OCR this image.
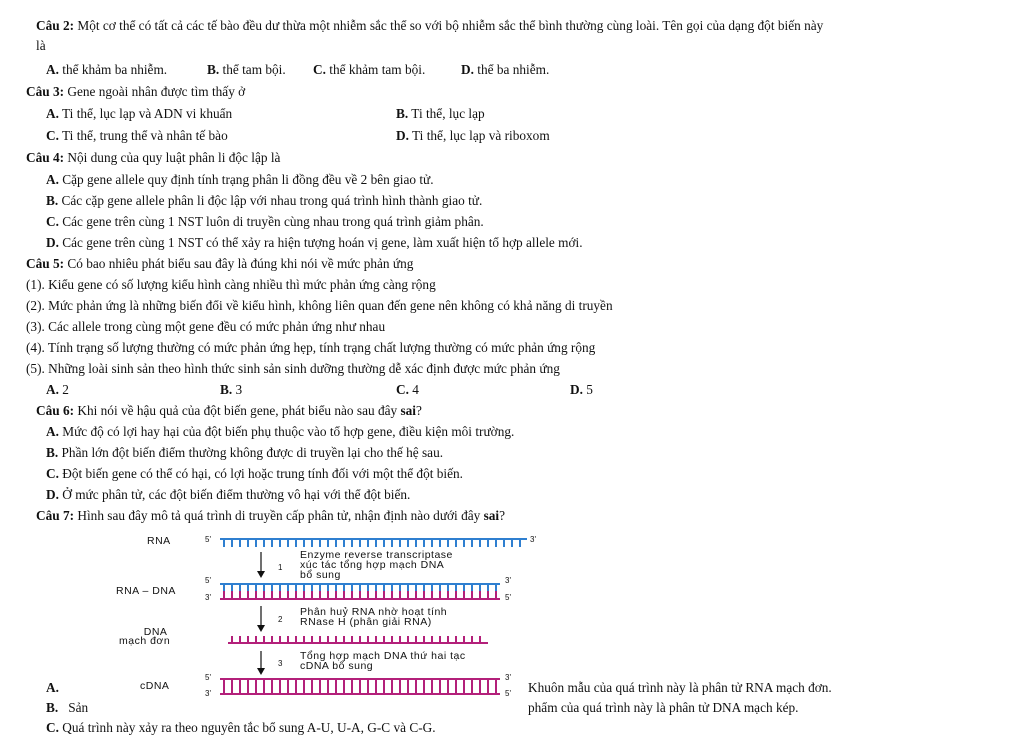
Câu 2: Một cơ thể có tất cả các tế bào đều dư thừa một nhiễm sắc thể so với bộ nhiễm sắc thể bình thường cùng loài. Tên gọi của dạng đột biến này
là
A. thể khảm ba nhiễm.	B. thể tam bội. C. thể khảm tam bội.	D. thể ba nhiễm.
Câu 3: Gene ngoài nhân được tìm thấy ở
A. Ti thể, lục lạp và ADN vi khuẩn	B. Ti thể, lục lạp
C. Ti thể, trung thể và nhân tế bào	D. Ti thể, lục lạp và riboxom
Câu 4: Nội dung của quy luật phân li độc lập là
A. Cặp gene allele quy định tính trạng phân li đồng đều về 2 bên giao tử.
B. Các cặp gene allele phân li độc lập với nhau trong quá trình hình thành giao tử.
C. Các gene trên cùng 1 NST luôn di truyền cùng nhau trong quá trình giảm phân.
D. Các gene trên cùng 1 NST có thể xảy ra hiện tượng hoán vị gene, làm xuất hiện tổ hợp allele mới.
Câu 5: Có bao nhiêu phát biểu sau đây là đúng khi nói về mức phản ứng
(1). Kiểu gene có số lượng kiểu hình càng nhiều thì mức phản ứng càng rộng
(2). Mức phản ứng là những biến đổi về kiểu hình, không liên quan đến gene nên không có khả năng di truyền
(3). Các allele trong cùng một gene đều có mức phản ứng như nhau
(4). Tính trạng số lượng thường có mức phản ứng hẹp, tính trạng chất lượng thường có mức phản ứng rộng
(5). Những loài sinh sản theo hình thức sinh sản sinh dưỡng thường dễ xác định được mức phản ứng
A. 2	B. 3	C. 4	D. 5
Câu 6: Khi nói về hậu quả của đột biến gene, phát biểu nào sau đây sai?
A. Mức độ có lợi hay hại của đột biến phụ thuộc vào tổ hợp gene, điều kiện môi trường.
B. Phần lớn đột biến điểm thường không được di truyền lại cho thế hệ sau.
C. Đột biến gene có thể có hại, có lợi hoặc trung tính đối với một thể đột biến.
D. Ở mức phân tử, các đột biến điểm thường vô hại với thể đột biến.
Câu 7: Hình sau đây mô tả quá trình di truyền cấp phân tử, nhận định nào dưới đây sai?
RNA	5'	3'
1
Enzyme reverse transcriptase
xúc tác tổng hợp mạch DNA
bổ sung
RNA – DNA
5'
3'
3'
5'
2
Phân huỷ RNA nhờ hoạt tính
RNase H (phân giải RNA)
DNA
mạch đơn
3
Tổng hợp mạch DNA thứ hai tạc
cDNA bổ sung
cDNA
5'
3'
3'
5'
A.	Khuôn mẫu của quá trình này là phân tử RNA mạch đơn.
B. Sản	phẩm của quá trình này là phân tử DNA mạch kép.
C. Quá trình này xảy ra theo nguyên tắc bổ sung A-U, U-A, G-C và C-G.
